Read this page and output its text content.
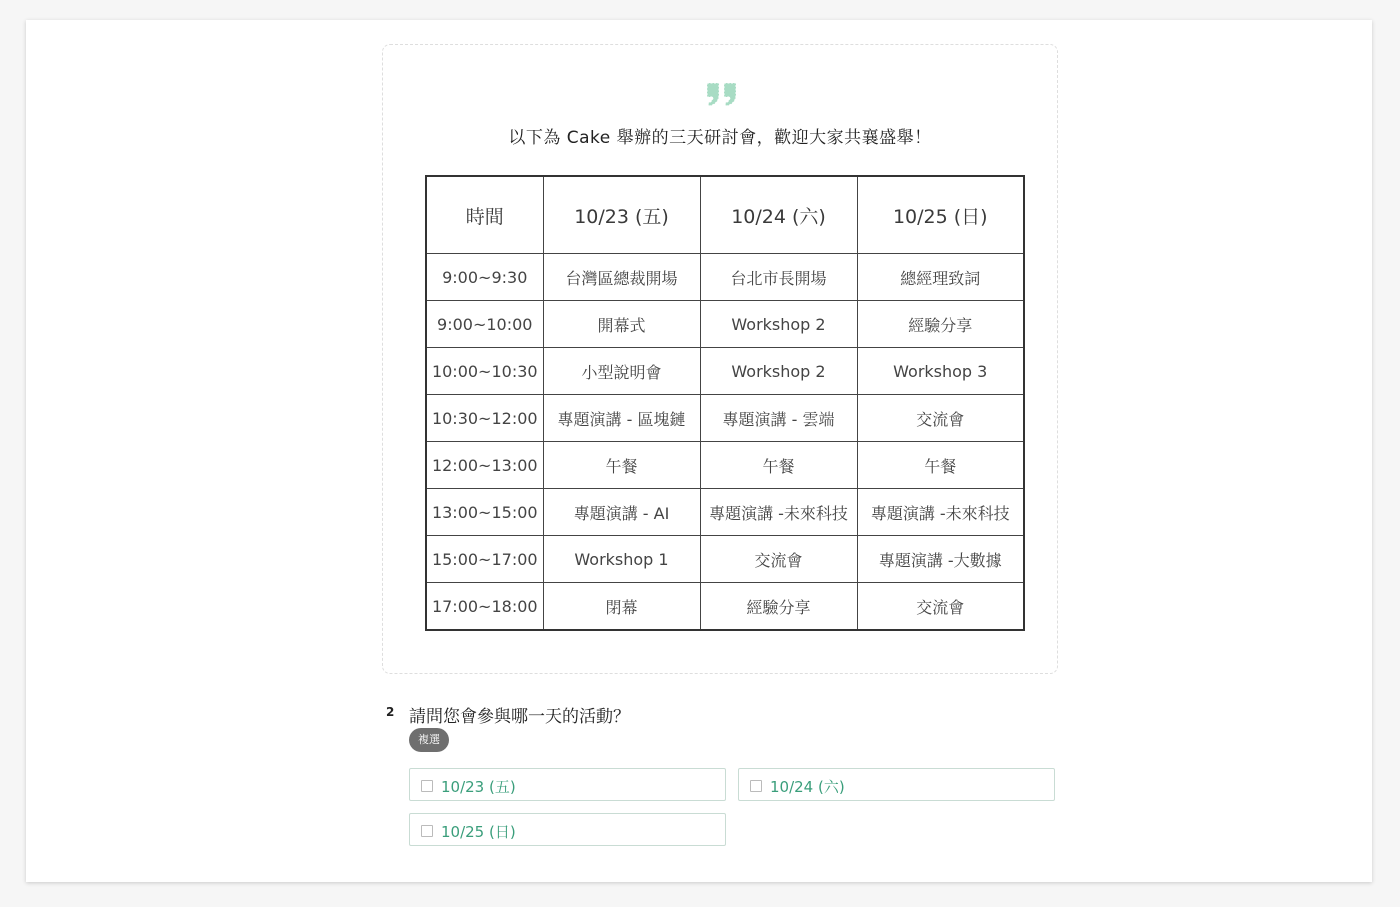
以下為 Cake 舉辦的三天研討會，歡迎大家共襄盛舉！
時間	10/23 (五)	10/24 (六)	10/25 (日)
9:00~9:30	台灣區總裁開場	台北市長開場	總經理致詞
9:00~10:00	開幕式	Workshop 2	經驗分享
10:00~10:30	小型說明會	Workshop 2	Workshop 3
10:30~12:00	專題演講 - 區塊鏈	專題演講 - 雲端	交流會
12:00~13:00	午餐	午餐	午餐
13:00~15:00	專題演講 - AI	專題演講 -未來科技	專題演講 -未來科技
15:00~17:00	Workshop 1	交流會	專題演講 -大數據
17:00~18:00	閉幕	經驗分享	交流會
2 請問您會參與哪一天的活動？
複選
10/23 (五)	10/24 (六)
10/25 (日)
